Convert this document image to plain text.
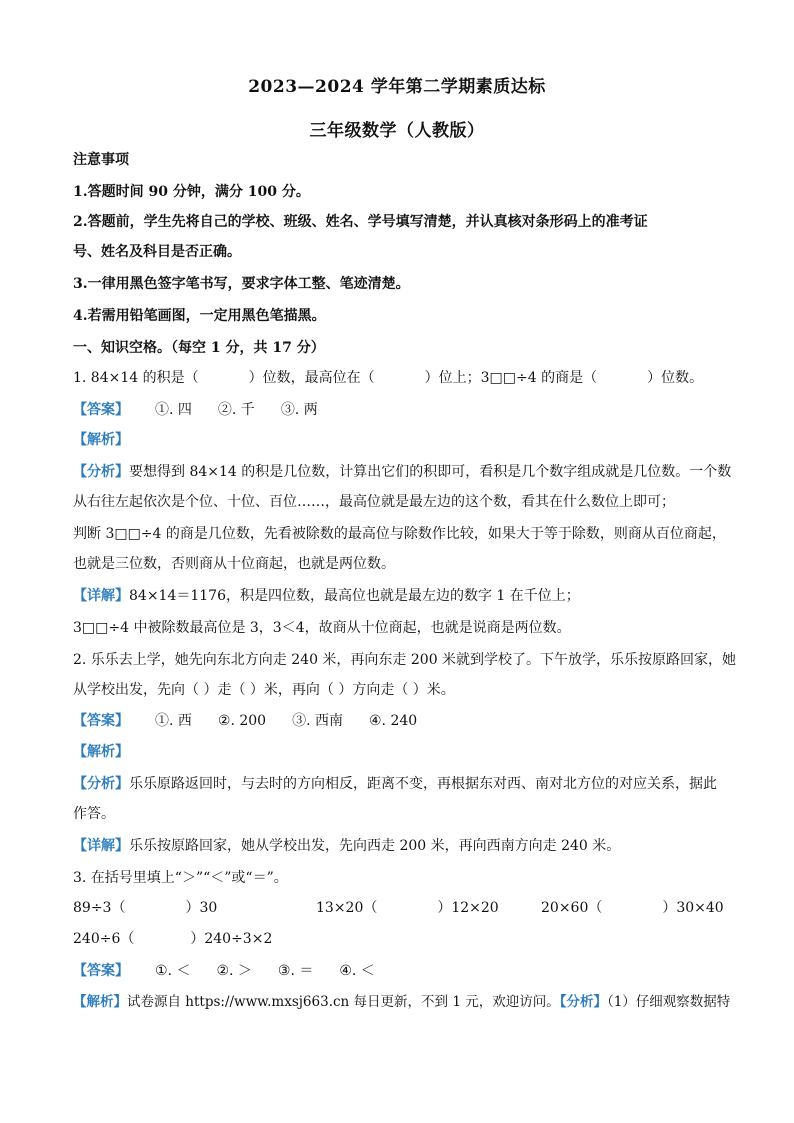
2023—2024 学年第二学期素质达标
三年级数学（人教版）
注意事项
1.答题时间 90 分钟，满分 100 分。
2.答题前，学生先将自己的学校、班级、姓名、学号填写清楚，并认真核对条形码上的准考证
号、姓名及科目是否正确。
3.一律用黑色签字笔书写，要求字体工整、笔迹清楚。
4.若需用铅笔画图，一定用黑色笔描黑。
一、知识空格。（每空 1 分，共 17 分）
1. 84×14 的积是（	）位数，最高位在（	）位上；3□□÷4 的商是（	）位数。
【答案】 ①. 四 ②. 千 ③. 两
【解析】
【分析】要想得到 84×14 的积是几位数，计算出它们的积即可，看积是几个数字组成就是几位数。一个数
从右往左起依次是个位、十位、百位……，最高位就是最左边的这个数，看其在什么数位上即可；
判断 3□□÷4 的商是几位数，先看被除数的最高位与除数作比较，如果大于等于除数，则商从百位商起，
也就是三位数，否则商从十位商起，也就是两位数。
【详解】84×14＝1176，积是四位数，最高位也就是最左边的数字 1 在千位上；
3□□÷4 中被除数最高位是 3，3＜4，故商从十位商起，也就是说商是两位数。
2. 乐乐去上学，她先向东北方向走 240 米，再向东走 200 米就到学校了。下午放学，乐乐按原路回家，她
从学校出发，先向（ ）走（ ）米，再向（ ）方向走（ ）米。
【答案】 ①. 西 ②. 200 ③. 西南 ④. 240
【解析】
【分析】乐乐原路返回时，与去时的方向相反，距离不变，再根据东对西、南对北方位的对应关系，据此
作答。
【详解】乐乐按原路回家，她从学校出发，先向西走 200 米，再向西南方向走 240 米。
3. 在括号里填上“＞”“＜”或“＝”。
89÷3（	）30	13×20（	）12×20	20×60（	）30×40
240÷6（	）240÷3×2
【答案】 ①. ＜ ②. ＞ ③. ＝ ④. ＜
【解析】试卷源自 https://www.mxsj663.cn 每日更新，不到 1 元，欢迎访问。【分析】（1）仔细观察数据特
